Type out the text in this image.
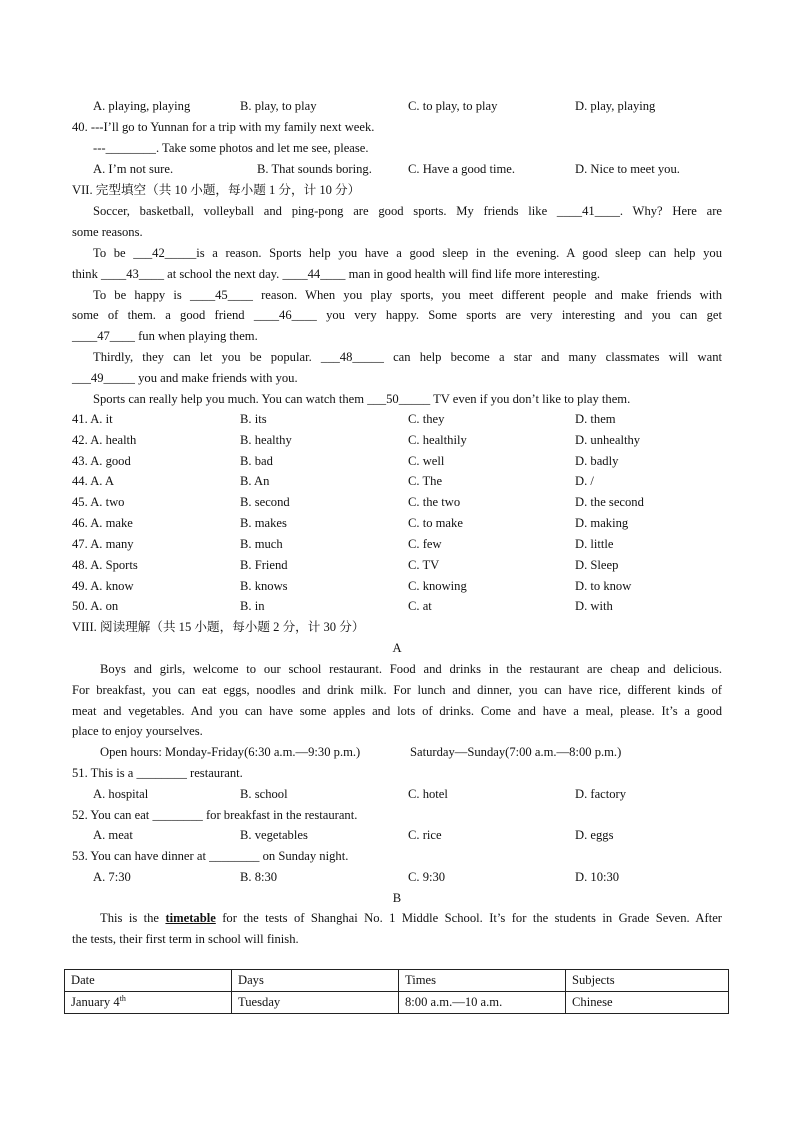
A. playing, playing	B. play, to play	C. to play, to play	D. play, playing
40. ---I’ll go to Yunnan for a trip with my family next week.
---________. Take some photos and let me see, please.
A. I’m not sure.	B. That sounds boring.	C. Have a good time.	D. Nice to meet you.
VII. 完型填空（共 10 小题，每小题 1 分，计 10 分）
Soccer, basketball, volleyball and ping-pong are good sports. My friends like ____41____. Why? Here are
some reasons.
To be ___42_____is a reason. Sports help you have a good sleep in the evening. A good sleep can help you
think ____43____ at school the next day. ____44____ man in good health will find life more interesting.
To be happy is ____45____ reason. When you play sports, you meet different people and make friends with
some of them. a good friend ____46____ you very happy. Some sports are very interesting and you can get
____47____ fun when playing them.
Thirdly, they can let you be popular. ___48_____ can help become a star and many classmates will want
___49_____ you and make friends with you.
Sports can really help you much. You can watch them ___50_____ TV even if you don’t like to play them.
41. A. it	B. its	C. they	D. them
42. A. health	B. healthy	C. healthily	D. unhealthy
43. A. good	B. bad	C. well	D. badly
44. A. A	B. An	C. The	D. /
45. A. two	B. second	C. the two	D. the second
46. A. make	B. makes	C. to make	D. making
47. A. many	B. much	C. few	D. little
48. A. Sports	B. Friend	C. TV	D. Sleep
49. A. know	B. knows	C. knowing	D. to know
50. A. on	B. in	C. at	D. with
VIII. 阅读理解（共 15 小题，每小题 2 分，计 30 分）
A
Boys and girls, welcome to our school restaurant. Food and drinks in the restaurant are cheap and delicious.
For breakfast, you can eat eggs, noodles and drink milk. For lunch and dinner, you can have rice, different kinds of
meat and vegetables. And you can have some apples and lots of drinks. Come and have a meal, please. It’s a good
place to enjoy yourselves.
Open hours: Monday-Friday(6:30 a.m.—9:30 p.m.)	Saturday—Sunday(7:00 a.m.—8:00 p.m.)
51. This is a ________ restaurant.
A. hospital	B. school	C. hotel	D. factory
52. You can eat ________ for breakfast in the restaurant.
A. meat	B. vegetables	C. rice	D. eggs
53. You can have dinner at ________ on Sunday night.
A. 7:30	B. 8:30	C. 9:30	D. 10:30
B
This is the timetable for the tests of Shanghai No. 1 Middle School. It’s for the students in Grade Seven. After
the tests, their first term in school will finish.
Date	Days	Times	Subjects
January 4th	Tuesday	8:00 a.m.—10 a.m.	Chinese
